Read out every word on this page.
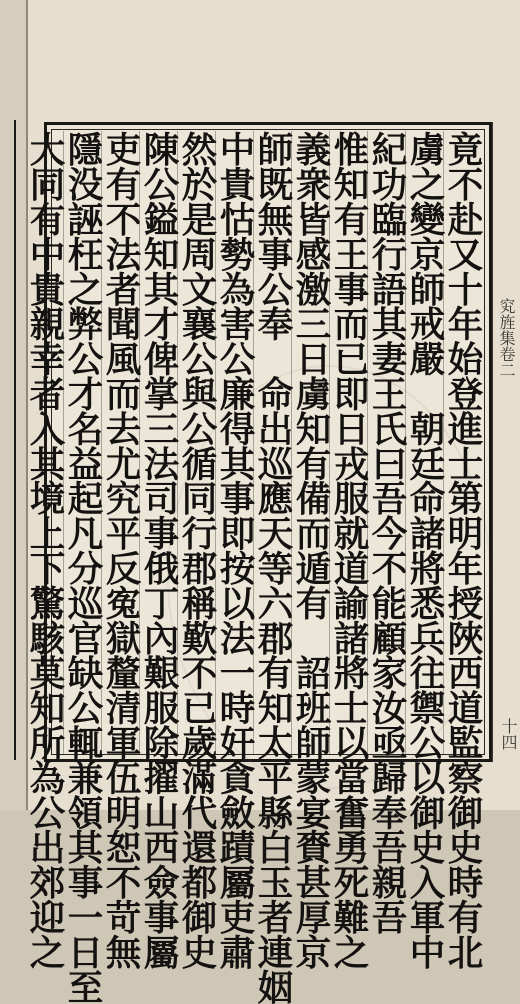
竟不赴又十年始登進士第明年授陜西道監察御史時有北
虜之變京師戒嚴　朝廷命諸將悉兵往禦公以御史入軍中
紀功臨行語其妻王氏曰吾今不能顧家汝亟歸奉吾親吾
惟知有王事而已即日戎服就道諭諸將士以當奮勇死難之
義衆皆感激三日虜知有備而遁有　詔班師蒙宴賚甚厚京
師既無事公奉　命出巡應天等六郡有知太平縣白玉者連姻
中貴怙勢為害公廉得其事即按以法一時奸貪斂蹟屬吏肅
然於是周文襄公與公循同行郡稱歎不已歲滿代還都御史
陳公鎰知其才俾掌三法司事俄丁內艱服除擢山西僉事屬
吏有不法者聞風而去尤究平反寃獄釐清軍伍明恕不苛無
隱没誣枉之弊公才名益起凡分巡官缺公輒兼領其事一日至
大同有中貴親幸者入其境上下驚駭莫知所為公出郊迎之	䆒旌集卷二
十四
